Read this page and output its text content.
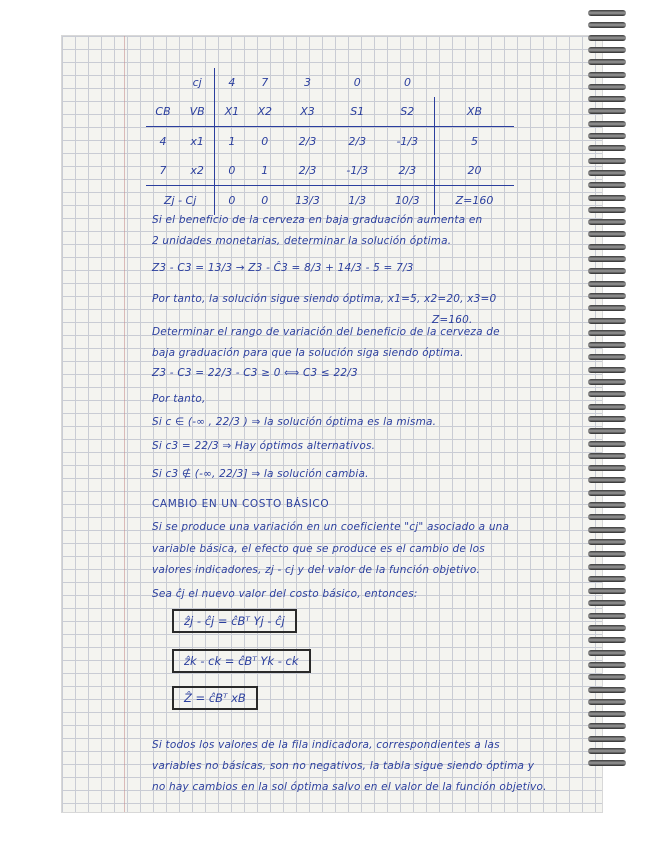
	cj	4	7	3	0	0	
CB	VB	X1	X2	X3	S1	S2	XB
4	x1	1	0	2/3	2/3	-1/3	5
7	x2	0	1	2/3	-1/3	2/3	20
Zj - Cj		0	0	13/3	1/3	10/3	Z=160
Si el beneficio de la cerveza en baja graduación aumenta en
2 unidades monetarias, determinar la solución óptima.
Z3 - C3 = 13/3 → Z3 - Ĉ3 = 8/3 + 14/3 - 5 = 7/3
Por tanto, la solución sigue siendo óptima, x1=5, x2=20, x3=0
Z=160.
Determinar el rango de variación del beneficio de la cerveza de
baja graduación para que la solución siga siendo óptima.
Z3 - C3 = 22/3 - C3 ≥ 0 ⟺ C3 ≤ 22/3
Por tanto,
Si c ∈ (-∞ , 22/3 ) ⇒ la solución óptima es la misma.
Si c3 = 22/3 ⇒ Hay óptimos alternativos.
Si c3 ∉ (-∞, 22/3] ⇒ la solución cambia.
CAMBIO EN UN COSTO BÁSICO
Si se produce una variación en un coeficiente "cj" asociado a una
variable básica, el efecto que se produce es el cambio de los
valores indicadores, zj - cj y del valor de la función objetivo.
Sea ĉj el nuevo valor del costo básico, entonces:
ẑj - ĉj = ĉBᵀ Yj - ĉj
ẑk - ck = ĉBᵀ Yk - ck
Ẑ = ĉBᵀ xB
Si todos los valores de la fila indicadora, correspondientes a las
variables no básicas, son no negativos, la tabla sigue siendo óptima y
no hay cambios en la sol óptima salvo en el valor de la función objetivo.
